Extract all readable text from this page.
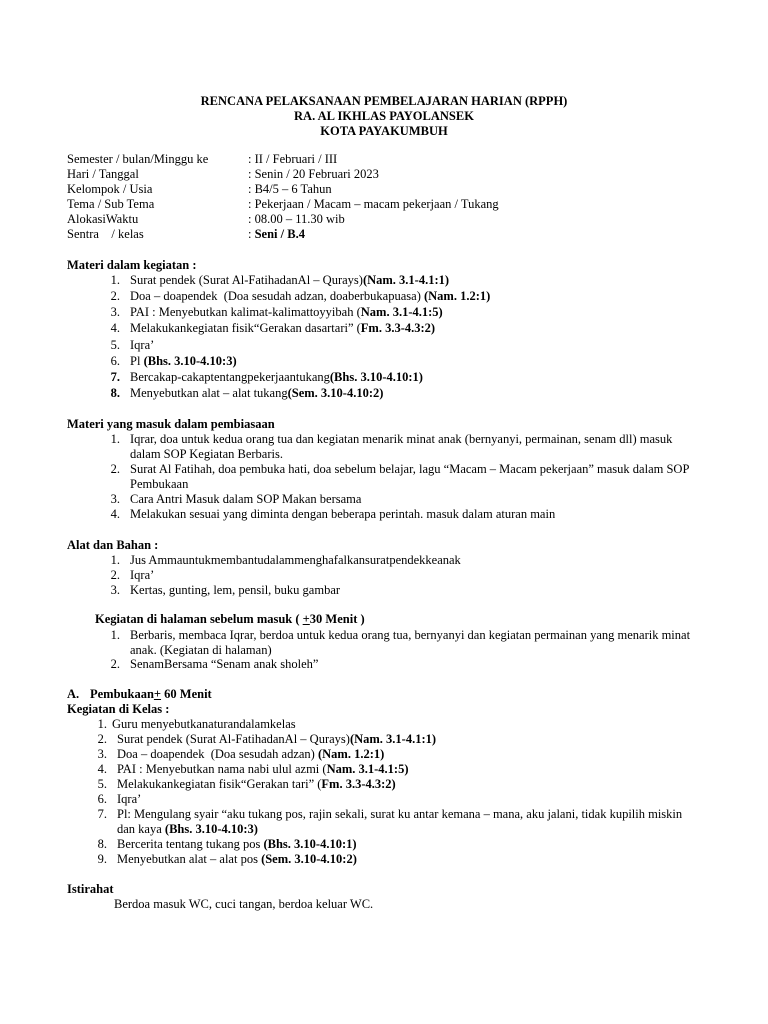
RENCANA PELAKSANAAN PEMBELAJARAN HARIAN (RPPH)
RA. AL IKHLAS PAYOLANSEK
KOTA PAYAKUMBUH
Semester / bulan/Minggu ke	: II / Februari / III
Hari / Tanggal	: Senin / 20 Februari 2023
Kelompok / Usia	: B4/5 – 6 Tahun
Tema / Sub Tema	: Pekerjaan / Macam – macam pekerjaan / Tukang
AlokasiWaktu	: 08.00 – 11.30 wib
Sentra    / kelas	: Seni / B.4
Materi dalam kegiatan :
1. Surat pendek (Surat Al-FatihadanAl – Qurays)(Nam. 3.1-4.1:1)
2. Doa – doapendek  (Doa sesudah adzan, doaberbukapuasa) (Nam. 1.2:1)
3. PAI : Menyebutkan kalimat-kalimattoyyibah (Nam. 3.1-4.1:5)
4. Melakukankegiatan fisik“Gerakan dasartari” (Fm. 3.3-4.3:2)
5. Iqra’
6. Pl (Bhs. 3.10-4.10:3)
7. Bercakap-cakaptentangpekerjaantukang(Bhs. 3.10-4.10:1)
8. Menyebutkan alat – alat tukang(Sem. 3.10-4.10:2)
Materi yang masuk dalam pembiasaan
1. Iqrar, doa untuk kedua orang tua dan kegiatan menarik minat anak (bernyanyi, permainan, senam dll) masuk
dalam SOP Kegiatan Berbaris.
2. Surat Al Fatihah, doa pembuka hati, doa sebelum belajar, lagu “Macam – Macam pekerjaan” masuk dalam SOP
Pembukaan
3. Cara Antri Masuk dalam SOP Makan bersama
4. Melakukan sesuai yang diminta dengan beberapa perintah. masuk dalam aturan main
Alat dan Bahan :
1. Jus Ammauntukmembantudalammenghafalkansuratpendekkeanak
2. Iqra’
3. Kertas, gunting, lem, pensil, buku gambar
Kegiatan di halaman sebelum masuk ( +30 Menit )
1. Berbaris, membaca Iqrar, berdoa untuk kedua orang tua, bernyanyi dan kegiatan permainan yang menarik minat
anak. (Kegiatan di halaman)
2. SenamBersama “Senam anak sholeh”
A. Pembukaan+ 60 Menit
Kegiatan di Kelas :
1. Guru menyebutkanaturandalamkelas
2. Surat pendek (Surat Al-FatihadanAl – Qurays)(Nam. 3.1-4.1:1)
3. Doa – doapendek  (Doa sesudah adzan) (Nam. 1.2:1)
4. PAI : Menyebutkan nama nabi ulul azmi (Nam. 3.1-4.1:5)
5. Melakukankegiatan fisik“Gerakan tari” (Fm. 3.3-4.3:2)
6. Iqra’
7. Pl: Mengulang syair “aku tukang pos, rajin sekali, surat ku antar kemana – mana, aku jalani, tidak kupilih miskin
dan kaya (Bhs. 3.10-4.10:3)
8. Bercerita tentang tukang pos (Bhs. 3.10-4.10:1)
9. Menyebutkan alat – alat pos (Sem. 3.10-4.10:2)
Istirahat
Berdoa masuk WC, cuci tangan, berdoa keluar WC.
